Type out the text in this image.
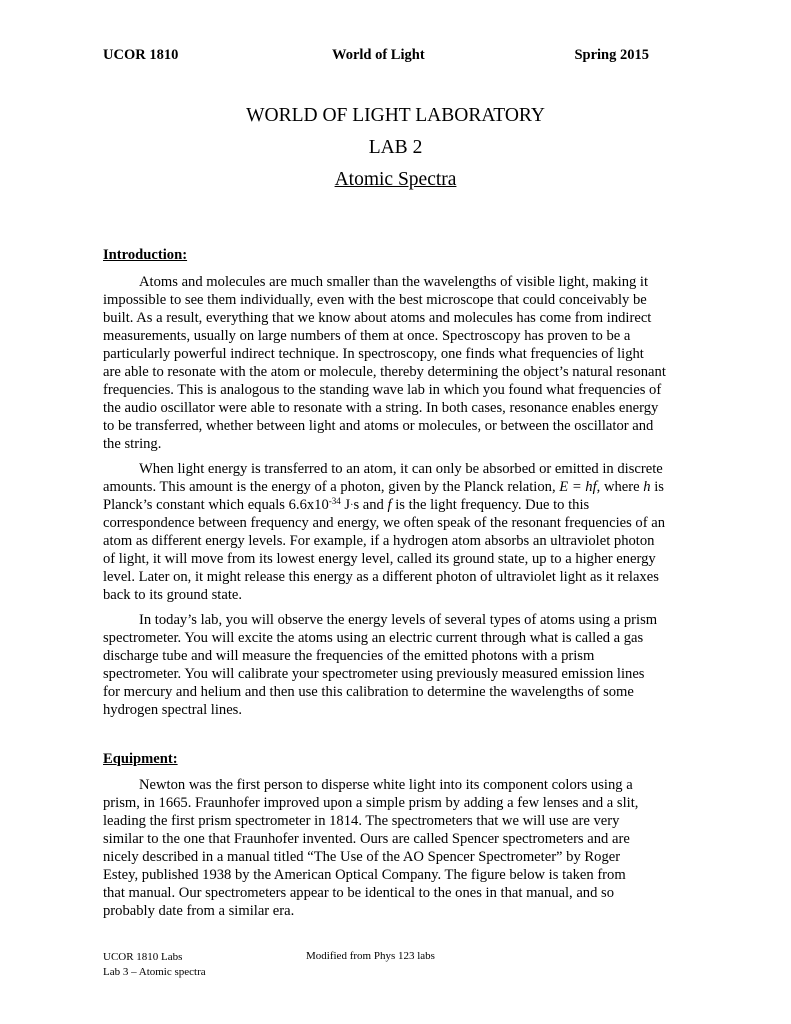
UCOR 1810	World of Light	Spring 2015
WORLD OF LIGHT LABORATORY
LAB 2
Atomic Spectra
Introduction:
Atoms and molecules are much smaller than the wavelengths of visible light, making it
impossible to see them individually, even with the best microscope that could conceivably be
built. As a result, everything that we know about atoms and molecules has come from indirect
measurements, usually on large numbers of them at once. Spectroscopy has proven to be a
particularly powerful indirect technique. In spectroscopy, one finds what frequencies of light
are able to resonate with the atom or molecule, thereby determining the object’s natural resonant
frequencies. This is analogous to the standing wave lab in which you found what frequencies of
the audio oscillator were able to resonate with a string. In both cases, resonance enables energy
to be transferred, whether between light and atoms or molecules, or between the oscillator and
the string.
When light energy is transferred to an atom, it can only be absorbed or emitted in discrete
amounts. This amount is the energy of a photon, given by the Planck relation, E = hf, where h is
Planck’s constant which equals $6.6x10^{-34}$ J·s and f is the light frequency. Due to this
correspondence between frequency and energy, we often speak of the resonant frequencies of an
atom as different energy levels. For example, if a hydrogen atom absorbs an ultraviolet photon
of light, it will move from its lowest energy level, called its ground state, up to a higher energy
level. Later on, it might release this energy as a different photon of ultraviolet light as it relaxes
back to its ground state.
In today’s lab, you will observe the energy levels of several types of atoms using a prism
spectrometer. You will excite the atoms using an electric current through what is called a gas
discharge tube and will measure the frequencies of the emitted photons with a prism
spectrometer. You will calibrate your spectrometer using previously measured emission lines
for mercury and helium and then use this calibration to determine the wavelengths of some
hydrogen spectral lines.
Equipment:
Newton was the first person to disperse white light into its component colors using a
prism, in 1665. Fraunhofer improved upon a simple prism by adding a few lenses and a slit,
leading the first prism spectrometer in 1814. The spectrometers that we will use are very
similar to the one that Fraunhofer invented. Ours are called Spencer spectrometers and are
nicely described in a manual titled “The Use of the AO Spencer Spectrometer” by Roger
Estey, published 1938 by the American Optical Company. The figure below is taken from
that manual. Our spectrometers appear to be identical to the ones in that manual, and so
probably date from a similar era.
UCOR 1810 Labs
Lab 3 – Atomic spectra
Modified from Phys 123 labs
